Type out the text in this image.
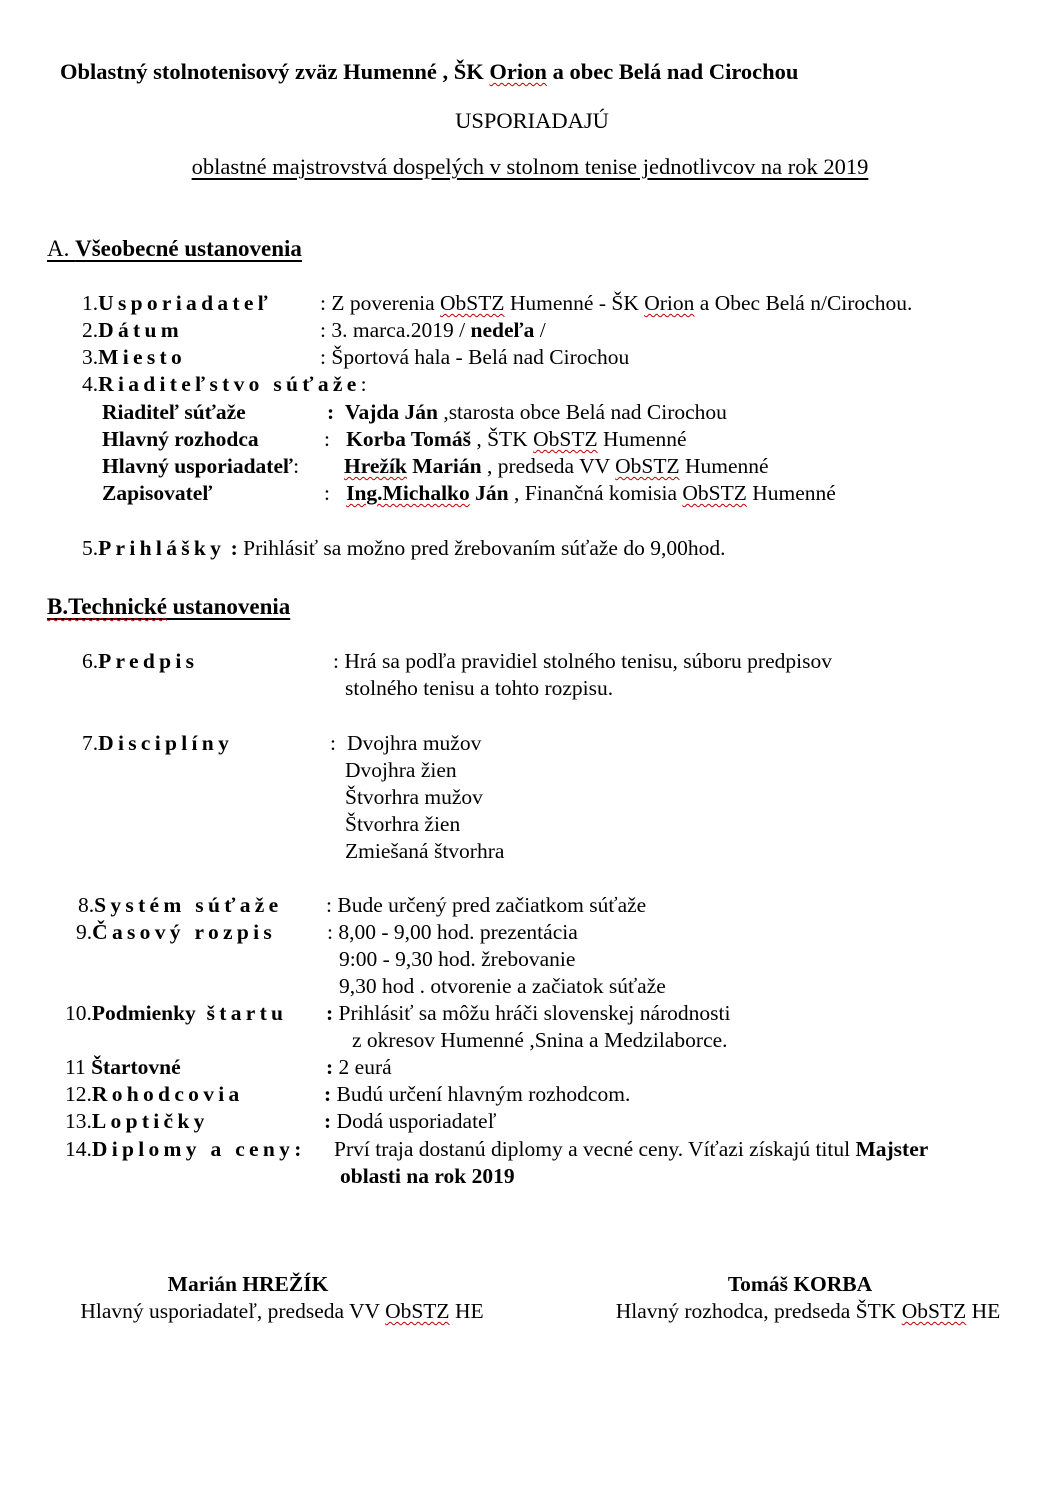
Oblastný stolnotenisový zväz Humenné , ŠK Orion a obec Belá nad Cirochou
USPORIADAJÚ
oblastné majstrovstvá dospelých v stolnom tenise jednotlivcov na rok 2019
A. Všeobecné ustanovenia
1.Usporiadateľ : Z poverenia ObSTZ Humenné - ŠK Orion a Obec Belá n/Cirochou.
2.Dátum	: 3. marca.2019 / nedeľa /
3.Miesto	: Športová hala - Belá nad Cirochou
4.Riaditeľstvo súťaže:
Riaditeľ súťaže	: Vajda Ján ,starosta obce Belá nad Cirochou
Hlavný rozhodca	: Korba Tomáš , ŠTK ObSTZ Humenné
Hlavný usporiadateľ: Hrežík Marián , predseda VV ObSTZ Humenné
Zapisovateľ	: Ing.Michalko Ján , Finančná komisia ObSTZ Humenné
5.Prihlášky : Prihlásiť sa možno pred žrebovaním súťaže do 9,00hod.
B.Technické ustanovenia
6.Predpis	: Hrá sa podľa pravidiel stolného tenisu, súboru predpisov
stolného tenisu a tohto rozpisu.
7.Disciplíny	: Dvojhra mužov
Dvojhra žien
Štvorhra mužov
Štvorhra žien
Zmiešaná štvorhra
8.Systém súťaže : Bude určený pred začiatkom súťaže
9.Časový rozpis : 8,00 - 9,00 hod. prezentácia
9:00 - 9,30 hod. žrebovanie
9,30 hod . otvorenie a začiatok súťaže
10.Podmienky štartu : Prihlásiť sa môžu hráči slovenskej národnosti
z okresov Humenné ,Snina a Medzilaborce.
11 Štartovné	: 2 eurá
12.Rohodcovia	: Budú určení hlavným rozhodcom.
13.Loptičky	: Dodá usporiadateľ
14.Diplomy a ceny: Prví traja dostanú diplomy a vecné ceny. Víťazi získajú titul Majster
oblasti na rok 2019
Marián HREŽÍK
Hlavný usporiadateľ, predseda VV ObSTZ HE
Tomáš KORBA
Hlavný rozhodca, predseda ŠTK ObSTZ HE
